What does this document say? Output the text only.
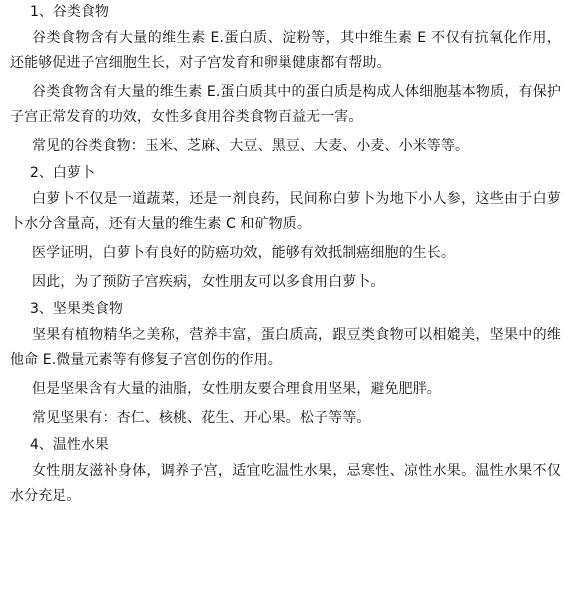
1、谷类食物

谷类食物含有大量的维生素 E.蛋白质、淀粉等，其中维生素 E 不仅有抗氧化作用，还能够促进子宫细胞生长，对子宫发育和卵巢健康都有帮助。

谷类食物含有大量的维生素 E.蛋白质其中的蛋白质是构成人体细胞基本物质，有保护子宫正常发育的功效，女性多食用谷类食物百益无一害。

常见的谷类食物：玉米、芝麻、大豆、黑豆、大麦、小麦、小米等等。

2、白萝卜

白萝卜不仅是一道蔬菜，还是一剂良药，民间称白萝卜为地下小人参，这些由于白萝卜水分含量高，还有大量的维生素 C 和矿物质。

医学证明，白萝卜有良好的防癌功效，能够有效抵制癌细胞的生长。

因此，为了预防子宫疾病，女性朋友可以多食用白萝卜。

3、坚果类食物

坚果有植物精华之美称，营养丰富，蛋白质高，跟豆类食物可以相媲美，坚果中的维他命 E.微量元素等有修复子宫创伤的作用。

但是坚果含有大量的油脂，女性朋友要合理食用坚果，避免肥胖。

常见坚果有：杏仁、核桃、花生、开心果。松子等等。

4、温性水果

女性朋友滋补身体，调养子宫，适宜吃温性水果，忌寒性、凉性水果。温性水果不仅水分充足。
